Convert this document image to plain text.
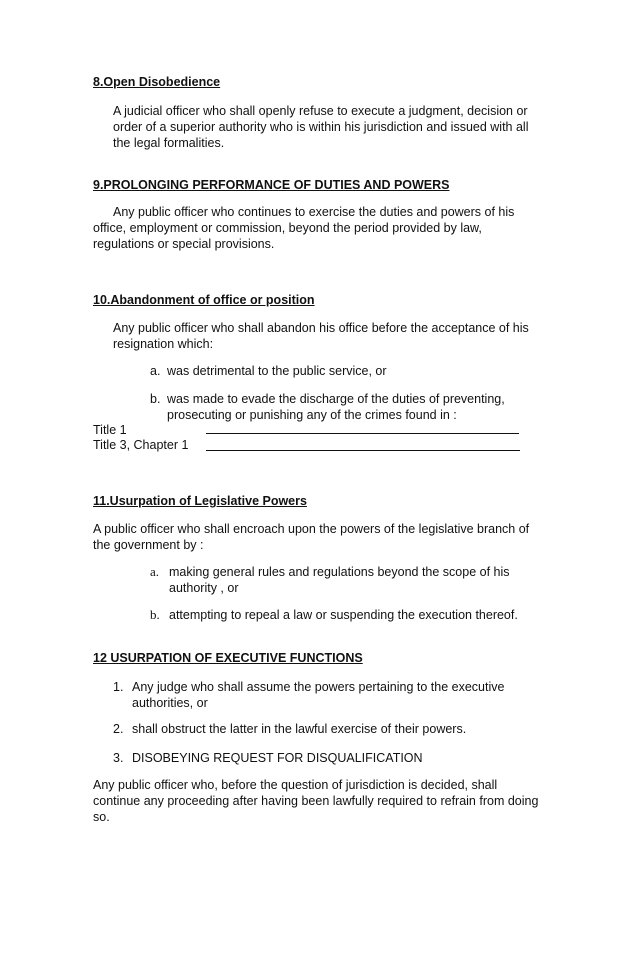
8.Open Disobedience
A judicial officer who shall openly refuse to execute a judgment, decision or
order of a superior authority who is within his jurisdiction and issued with all
the legal formalities.
9.PROLONGING PERFORMANCE OF DUTIES AND POWERS
Any public officer who continues to exercise the duties and powers of his
office, employment or commission, beyond the period provided by law,
regulations or special provisions.
10.Abandonment of office or position
Any public officer who shall abandon his office before the acceptance of his
resignation which:
a. was detrimental to the public service, or
b. was made to evade the discharge of the duties of preventing,
prosecuting or punishing any of the crimes found in :
Title 1
Title 3, Chapter 1
11.Usurpation of Legislative Powers
A public officer who shall encroach upon the powers of the legislative branch of
the government by :
a. making general rules and regulations beyond the scope of his
authority , or
b. attempting to repeal a law or suspending the execution thereof.
12 USURPATION OF EXECUTIVE FUNCTIONS
1. Any judge who shall assume the powers pertaining to the executive
authorities, or
2. shall obstruct the latter in the lawful exercise of their powers.
3. DISOBEYING REQUEST FOR DISQUALIFICATION
Any public officer who, before the question of jurisdiction is decided, shall
continue any proceeding after having been lawfully required to refrain from doing
so.
